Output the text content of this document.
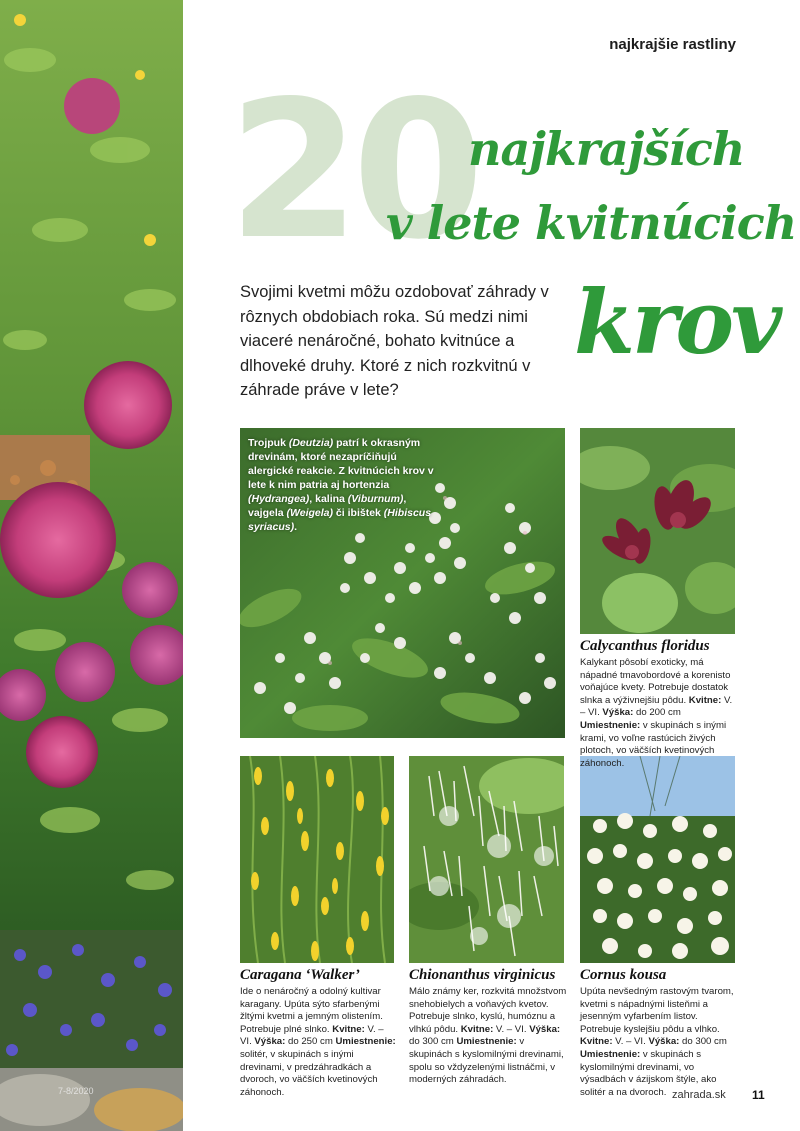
7-8/2020
najkrajšie rastliny
20
najkrajších
v lete kvitnúcich
krov

Svojimi kvetmi môžu ozdobovať záhrady v rôznych obdobiach roka. Sú medzi nimi viaceré nenáročné, bohato kvitnúce a dlhoveké druhy. Ktoré z nich rozkvitnú v záhrade práve v lete?

Trojpuk (Deutzia) patrí k okrasným drevinám, ktoré nezapríčiňujú alergické reakcie. Z kvitnúcich krov v lete k nim patria aj hortenzia (Hydrangea), kalina (Viburnum), vajgela (Weigela) či ibištek (Hibiscus syriacus).
Calycanthus floridus

Kalykant pôsobí exoticky, má nápadné tmavobordové a korenisto voňajúce kvety. Potrebuje dostatok slnka a výživnejšiu pôdu. Kvitne: V. – VI. Výška: do 200 cm Umiestnenie: v skupinách s inými krami, vo voľne rastúcich živých plotoch, vo väčších kvetinových záhonoch.

Caragana ‘Walker’

Ide o nenáročný a odolný kultivar karagany. Upúta sýto sfarbenými žltými kvetmi a jemným olistením. Potrebuje plné slnko. Kvitne: V. – VI. Výška: do 250 cm Umiestnenie: solitér, v skupinách s inými drevinami, v predzáhradkách a dvoroch, vo väčších kvetinových záhonoch.

Chionanthus virginicus

Málo známy ker, rozkvitá množstvom snehobielych a voňavých kvetov. Potrebuje slnko, kyslú, humóznu a vlhkú pôdu. Kvitne: V. – VI. Výška: do 300 cm Umiestnenie: v skupinách s kyslomilnými drevinami, spolu so vždyzelenými listnáčmi, v moderných záhradách.

Cornus kousa

Upúta nevšedným rastovým tvarom, kvetmi s nápadnými listeňmi a jesenným vyfarbením listov. Potrebuje kyslejšiu pôdu a vlhko. Kvitne: V. – VI. Výška: do 300 cm Umiestnenie: v skupinách s kyslomilnými drevinami, vo výsadbách v ázijskom štýle, ako solitér a na dvoroch. zahrada.sk 11
